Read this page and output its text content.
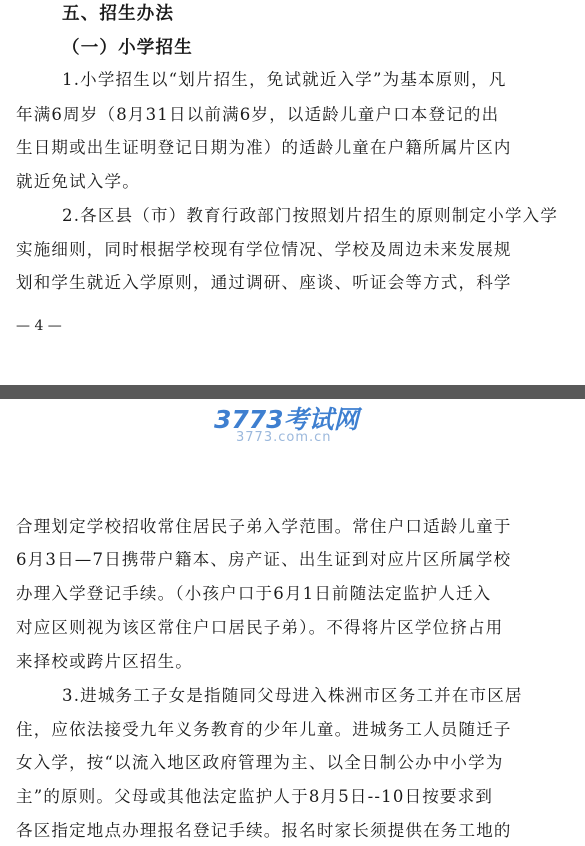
五、招生办法
（一）小学招生
1.小学招生以“划片招生，免试就近入学”为基本原则，凡
年满6周岁（8月31日以前满6岁，以适龄儿童户口本登记的出
生日期或出生证明登记日期为准）的适龄儿童在户籍所属片区内
就近免试入学。
2.各区县（市）教育行政部门按照划片招生的原则制定小学入学
实施细则，同时根据学校现有学位情况、学校及周边未来发展规
划和学生就近入学原则，通过调研、座谈、听证会等方式，科学
— 4 —
3773考试网
3773.com.cn
合理划定学校招收常住居民子弟入学范围。常住户口适龄儿童于
6月3日—7日携带户籍本、房产证、出生证到对应片区所属学校
办理入学登记手续。（小孩户口于6月1日前随法定监护人迁入
对应区则视为该区常住户口居民子弟）。不得将片区学位挤占用
来择校或跨片区招生。
3.进城务工子女是指随同父母进入株洲市区务工并在市区居
住，应依法接受九年义务教育的少年儿童。进城务工人员随迁子
女入学，按“以流入地区政府管理为主、以全日制公办中小学为
主”的原则。父母或其他法定监护人于8月5日--10日按要求到
各区指定地点办理报名登记手续。报名时家长须提供在务工地的
